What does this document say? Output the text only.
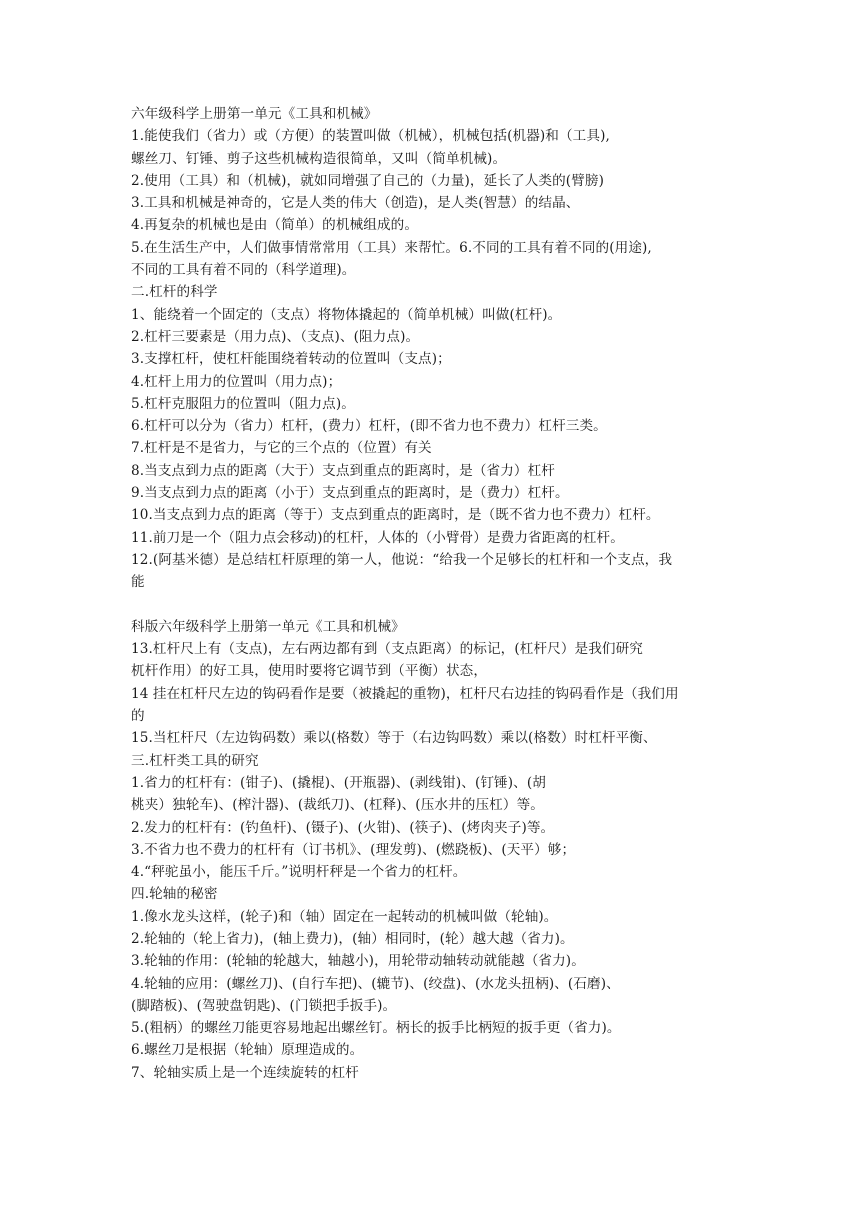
六年级科学上册第一单元《工具和机械》
1.能使我们（省力）或（方便）的装置叫做（机械），机械包括(机器)和（工具),
螺丝刀、钉锤、剪子这些机械构造很简单，又叫（简单机械)。
2.使用（工具）和（机械)，就如同增强了自己的（力量)，延长了人类的(臂膀)
3.工具和机械是神奇的，它是人类的伟大（创造)，是人类(智慧）的结晶、
4.再复杂的机械也是由（简单）的机械组成的。
5.在生活生产中，人们做事情常常用（工具）来帮忙。6.不同的工具有着不同的(用途),
不同的工具有着不同的（科学道理)。
二.杠杆的科学
1、能绕着一个固定的（支点）将物体撬起的（简单机械）叫做(杠杆)。
2.杠杆三要素是（用力点)、（支点)、(阻力点)。
3.支撑杠杆，使杠杆能围绕着转动的位置叫（支点)；
4.杠杆上用力的位置叫（用力点)；
5.杠杆克服阻力的位置叫（阻力点)。
6.杠杆可以分为（省力）杠杆，(费力）杠杆，(即不省力也不费力）杠杆三类。
7.杠杆是不是省力，与它的三个点的（位置）有关
8.当支点到力点的距离（大于）支点到重点的距离时，是（省力）杠杆
9.当支点到力点的距离（小于）支点到重点的距离时，是（费力）杠杆。
10.当支点到力点的距离（等于）支点到重点的距离时，是（既不省力也不费力）杠杆。
11.前刀是一个（阻力点会移动)的杠杆，人体的（小臂骨）是费力省距离的杠杆。
12.(阿基米德）是总结杠杆原理的第一人，他说：“给我一个足够长的杠杆和一个支点，我
能
科版六年级科学上册第一单元《工具和机械》
13.杠杆尺上有（支点)，左右两边都有到（支点距离）的标记，(杠杆尺）是我们研究
杌杆作用）的好工具，使用时要将它调节到（平衡）状态，
14 挂在杠杆尺左边的钩码看作是要（被撬起的重物)，杠杆尺右边挂的钩码看作是（我们用
的
15.当杠杆尺（左边钩码数）乘以(格数）等于（右边钩吗数）乘以(格数）时杠杆平衡、
三.杠杆类工具的研究
1.省力的杠杆有：(钳子)、(撬棍)、(开瓶器)、(剥线钳)、(钉锤)、(胡
桃夹）独轮车)、(榨汁器)、(裁纸刀)、(杠释)、(压水井的压杠）等。
2.发力的杠杆有：(钓鱼杆)、(镊子)、(火钳)、(筷子)、(烤肉夹子)等。
3.不省力也不费力的杠杆有（订书机》、(理发剪)、(燃跷板)、(天平）够；
4.“秤驼虽小，能压千斤。”说明杆秤是一个省力的杠杆。
四.轮轴的秘密
1.像水龙头这样，(轮子)和（轴）固定在一起转动的机械叫做（轮轴)。
2.轮轴的（轮上省力)，(轴上费力)，(轴）相同时，(轮）越大越（省力)。
3.轮轴的作用：(轮轴的轮越大，轴越小)，用轮带动轴转动就能越（省力)。
4.轮轴的应用：(螺丝刀)、(自行车把)、(辘节)、(绞盘)、(水龙头扭柄)、(石磨)、
(脚踏板)、(驾驶盘钥匙)、(门锁把手扳手)。
5.(粗柄）的螺丝刀能更容易地起出螺丝钉。柄长的扳手比柄短的扳手更（省力)。
6.螺丝刀是根据（轮轴）原理造成的。
7、轮轴实质上是一个连续旋转的杠杆
